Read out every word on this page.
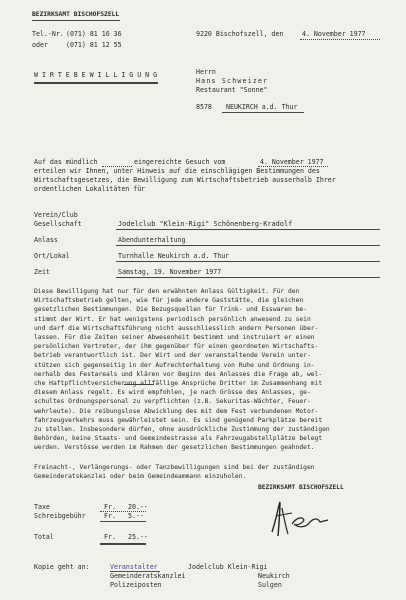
BEZIRKSAMT BISCHOFSZELL
Tel.-Nr. (071) 81 16 36
oder	(071) 81 12 55
9220 Bischofszell, den	4. November 1977
W I R T E B E W I L L I G U N G	Herrn
Hans Schweizer
Restaurant "Sonne"
8578 NEUKIRCH a.d. Thur
Auf das mündlich	eingereichte Gesuch vom	4. November 1977
erteilen wir Ihnen, unter Hinweis auf die einschlägigen Bestimmungen des
Wirtschaftsgesetzes, die Bewilligung zum Wirtschaftsbetrieb ausserhalb Ihrer
ordentlichen Lokalitäten für
Verein/Club
Gesellschaft	Jodelclub "Klein-Rigi" Schönenberg-Kradolf
Anlass	Abendunterhaltung
Ort/Lokal	Turnhalle Neukirch a.d. Thur
Zeit	Samstag, 19. November 1977
Diese Bewilligung hat nur für den erwähnten Anlass Gültigkeit. Für den
Wirtschaftsbetrieb gelten, wie für jede andere Gaststätte, die gleichen
gesetzlichen Bestimmungen. Die Bezugsquellen für Trink- und Esswaren be-
stimmt der Wirt. Er hat wenigstens periodisch persönlich anwesend zu sein
und darf die Wirtschaftsführung nicht ausschliesslich andern Personen über-
lassen. Für die Zeiten seiner Abwesenheit bestimmt und instruiert er einen
persönlichen Vertreter, der ihm gegenüber für einen geordneten Wirtschafts-
betrieb verantwortlich ist. Der Wirt und der veranstaltende Verein unter-
stützen sich gegenseitig in der Aufrechterhaltung von Ruhe und Ordnung in-
nerhalb des Festareals und klären vor Beginn des Anlasses die Frage ab, wel-
che Haftpflichtversicherung allfällige Ansprüche Dritter im Zusammenhang mit
diesem Anlass regelt. Es wird empfohlen, je nach Grösse des Anlasses, ge-
schultes Ordnungspersonal zu verpflichten (z.B. Sekuritas-Wächter, Feuer-
wehrleute). Die reibungslose Abwicklung des mit dem Fest verbundenen Motor-
fahrzeugverkehrs muss gewährleistet sein. Es sind genügend Parkplätze bereit
zu stellen. Insbesondere dürfen, ohne ausdrückliche Zustimmung der zuständigen
Behörden, keine Staats- und Gemeindestrasse als Fahrzeugabstellplätze belegt
werden. Verstösse werden im Rahmen der gesetzlichen Bestimmungen geahndet.
Freinacht-, Verlängerungs- oder Tanzbewilligungen sind bei der zuständigen
Gemeinderatskanzlei oder beim Gemeindeammann einzuholen.
BEZIRKSAMT BISCHOFSZELL
Taxe	Fr. 20.--
Schreibgebühr	Fr. 5.--
Total	Fr. 25.--
Kopie geht an:	Veranstalter	Jodelclub Klein-Rigi
Gemeinderatskanzlei	Neukirch
Polizeiposten	Sulgen
